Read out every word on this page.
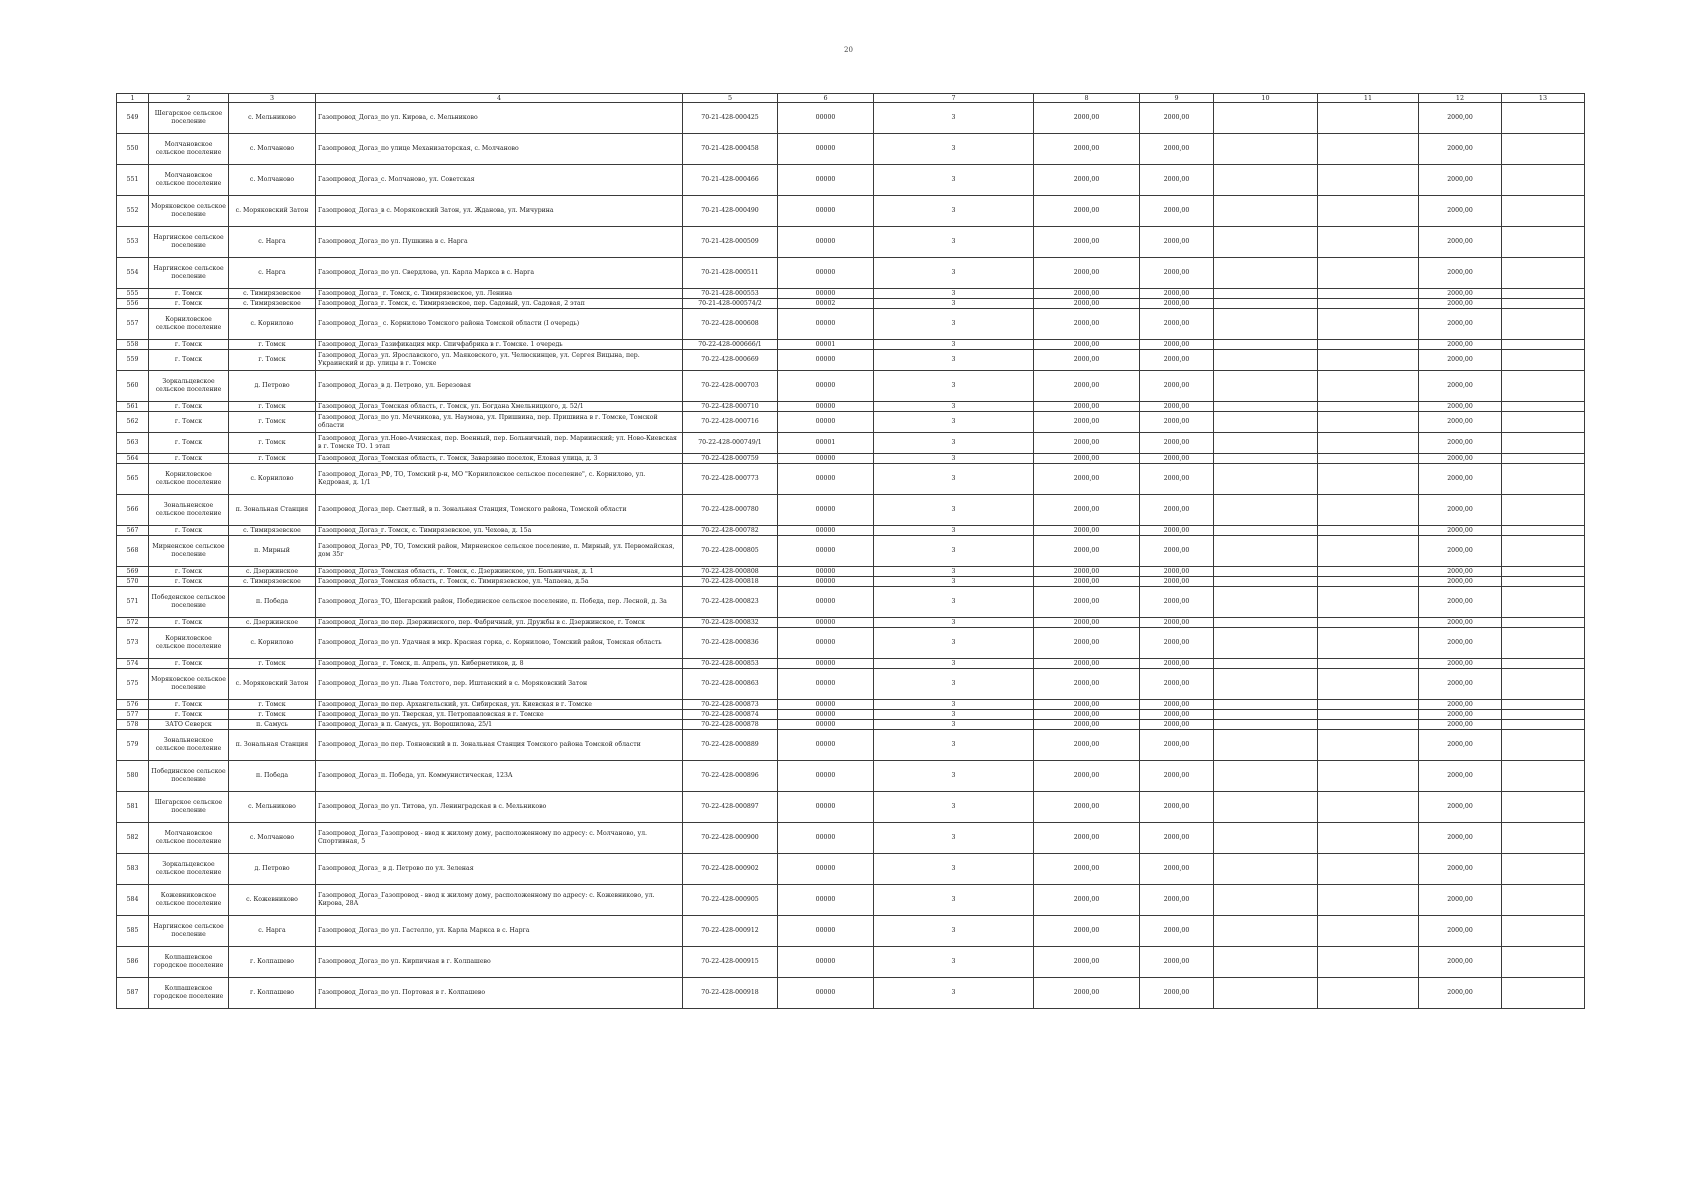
20
1	2	3	4	5	6	7	8	9	10	11	12	13
549	Шегарское сельское поселение	с. Мельниково	Газопровод_Догаз_по ул. Кирова, с. Мельниково	70-21-428-000425	00000	3	2000,00	2000,00			2000,00	
550	Молчановское сельское поселение	с. Молчаново	Газопровод_Догаз_по улице Механизаторская, с. Молчаново	70-21-428-000458	00000	3	2000,00	2000,00			2000,00	
551	Молчановское сельское поселение	с. Молчаново	Газопровод_Догаз_с. Молчаново, ул. Советская	70-21-428-000466	00000	3	2000,00	2000,00			2000,00	
552	Моряковское сельское поселение	с. Моряковский Затон	Газопровод_Догаз_в с. Моряковский Затон, ул. Жданова, ул. Мичурина	70-21-428-000490	00000	3	2000,00	2000,00			2000,00	
553	Наргинское сельское поселение	с. Нарга	Газопровод_Догаз_по ул. Пушкина в с. Нарга	70-21-428-000509	00000	3	2000,00	2000,00			2000,00	
554	Наргинское сельское поселение	с. Нарга	Газопровод_Догаз_по ул. Свердлова, ул. Карла Маркса в с. Нарга	70-21-428-000511	00000	3	2000,00	2000,00			2000,00	
555	г. Томск	с. Тимирязевское	Газопровод_Догаз_ г. Томск, с. Тимирязевское, ул. Ленина	70-21-428-000553	00000	3	2000,00	2000,00			2000,00	
556	г. Томск	с. Тимирязевское	Газопровод_Догаз_г. Томск, с. Тимирязевское, пер. Садовый, ул. Садовая, 2 этап	70-21-428-000574/2	00002	3	2000,00	2000,00			2000,00	
557	Корниловское сельское поселение	с. Корнилово	Газопровод_Догаз_ с. Корнилово Томского района Томской области (I очередь)	70-22-428-000608	00000	3	2000,00	2000,00			2000,00	
558	г. Томск	г. Томск	Газопровод_Догаз_Газификация мкр. Спичфабрика в г. Томске. 1 очередь	70-22-428-000666/1	00001	3	2000,00	2000,00			2000,00	
559	г. Томск	г. Томск	Газопровод_Догаз_ул. Ярославского, ул. Маяковского, ул. Челюскинцев, ул. Сергея Вицына, пер. Украинский и др. улицы в г. Томске	70-22-428-000669	00000	3	2000,00	2000,00			2000,00	
560	Зоркальцевское сельское поселение	д. Петрово	Газопровод_Догаз_в д. Петрово, ул. Березовая	70-22-428-000703	00000	3	2000,00	2000,00			2000,00	
561	г. Томск	г. Томск	Газопровод_Догаз_Томская область, г. Томск, ул. Богдана Хмельницкого, д. 52/1	70-22-428-000710	00000	3	2000,00	2000,00			2000,00	
562	г. Томск	г. Томск	Газопровод_Догаз_по ул. Мечникова, ул. Наумова, ул. Пришвина, пер. Пришвина в г. Томске, Томской области	70-22-428-000716	00000	3	2000,00	2000,00			2000,00	
563	г. Томск	г. Томск	Газопровод_Догаз_ул.Ново-Ачинская, пер. Военный, пер. Больничный, пер. Мариинский; ул. Ново-Киевская в г. Томске ТО. 1 этап	70-22-428-000749/1	00001	3	2000,00	2000,00			2000,00	
564	г. Томск	г. Томск	Газопровод_Догаз_Томская область, г. Томск, Заварзино поселок, Еловая улица, д. 3	70-22-428-000759	00000	3	2000,00	2000,00			2000,00	
565	Корниловское сельское поселение	с. Корнилово	Газопровод_Догаз_РФ, ТО, Томский р-н, МО "Корниловское сельское поселение", с. Корнилово, ул. Кедровая, д. 1/1	70-22-428-000773	00000	3	2000,00	2000,00			2000,00	
566	Зональненское сельское поселение	п. Зональная Станция	Газопровод_Догаз_пер. Светлый, в п. Зональная Станция, Томского района, Томской области	70-22-428-000780	00000	3	2000,00	2000,00			2000,00	
567	г. Томск	с. Тимирязевское	Газопровод_Догаз_г. Томск, с. Тимирязевское, ул. Чехова, д. 15а	70-22-428-000782	00000	3	2000,00	2000,00			2000,00	
568	Мирненское сельское поселение	п. Мирный	Газопровод_Догаз_РФ, ТО, Томский район, Мирненское сельское поселение, п. Мирный, ул. Первомайская, дом 35г	70-22-428-000805	00000	3	2000,00	2000,00			2000,00	
569	г. Томск	с. Дзержинское	Газопровод_Догаз_Томская область, г. Томск, с. Дзержинское, ул. Больничная, д. 1	70-22-428-000808	00000	3	2000,00	2000,00			2000,00	
570	г. Томск	с. Тимирязевское	Газопровод_Догаз_Томская область, г. Томск, с. Тимирязевское, ул. Чапаева, д.5а	70-22-428-000818	00000	3	2000,00	2000,00			2000,00	
571	Победенское сельское поселение	п. Победа	Газопровод_Догаз_ТО, Шегарский район, Побединское сельское поселение, п. Победа, пер. Лесной, д. 3а	70-22-428-000823	00000	3	2000,00	2000,00			2000,00	
572	г. Томск	с. Дзержинское	Газопровод_Догаз_по пер. Дзержинского, пер. Фабричный, ул. Дружбы в с. Дзержинское, г. Томск	70-22-428-000832	00000	3	2000,00	2000,00			2000,00	
573	Корниловское сельское поселение	с. Корнилово	Газопровод_Догаз_по ул. Удачная в мкр. Красная горка, с. Корнилово, Томский район, Томская область	70-22-428-000836	00000	3	2000,00	2000,00			2000,00	
574	г. Томск	г. Томск	Газопровод_Догаз_ г. Томск, п. Апрель, ул. Кибернетиков, д. 8	70-22-428-000853	00000	3	2000,00	2000,00			2000,00	
575	Моряковское сельское поселение	с. Моряковский Затон	Газопровод_Догаз_по ул. Льва Толстого, пер. Иштанский в с. Моряковский Затон	70-22-428-000863	00000	3	2000,00	2000,00			2000,00	
576	г. Томск	г. Томск	Газопровод_Догаз_по пер. Архангельский, ул. Сибирская, ул. Киевская в г. Томске	70-22-428-000873	00000	3	2000,00	2000,00			2000,00	
577	г. Томск	г. Томск	Газопровод_Догаз_по ул. Тверская, ул. Петропавловская в г. Томске	70-22-428-000874	00000	3	2000,00	2000,00			2000,00	
578	ЗАТО Северск	п. Самусь	Газопровод_Догаз_в п. Самусь, ул. Ворошилова, 25/1	70-22-428-000878	00000	3	2000,00	2000,00			2000,00	
579	Зональненское сельское поселение	п. Зональная Станция	Газопровод_Догаз_по пер. Тояновский в п. Зональная Станция Томского района Томской области	70-22-428-000889	00000	3	2000,00	2000,00			2000,00	
580	Побединское сельское поселение	п. Победа	Газопровод_Догаз_п. Победа, ул. Коммунистическая, 123А	70-22-428-000896	00000	3	2000,00	2000,00			2000,00	
581	Шегарское сельское поселение	с. Мельниково	Газопровод_Догаз_по ул. Титова, ул. Ленинградская в с. Мельниково	70-22-428-000897	00000	3	2000,00	2000,00			2000,00	
582	Молчановское сельское поселение	с. Молчаново	Газопровод_Догаз_Газопровод - ввод к жилому дому, расположенному по адресу: с. Молчаново, ул. Спортивная, 5	70-22-428-000900	00000	3	2000,00	2000,00			2000,00	
583	Зоркальцевское сельское поселение	д. Петрово	Газопровод_Догаз_ в д. Петрово по ул. Зеленая	70-22-428-000902	00000	3	2000,00	2000,00			2000,00	
584	Кожевниковское сельское поселение	с. Кожевниково	Газопровод_Догаз_Газопровод - ввод к жилому дому, расположенному по адресу: с. Кожевниково, ул. Кирова, 28А	70-22-428-000905	00000	3	2000,00	2000,00			2000,00	
585	Наргинское сельское поселение	с. Нарга	Газопровод_Догаз_по ул. Гастелло, ул. Карла Маркса в с. Нарга	70-22-428-000912	00000	3	2000,00	2000,00			2000,00	
586	Колпашевское городское поселение	г. Колпашево	Газопровод_Догаз_по ул. Кирпичная в г. Колпашево	70-22-428-000915	00000	3	2000,00	2000,00			2000,00	
587	Колпашевское городское поселение	г. Колпашево	Газопровод_Догаз_по ул. Портовая в г. Колпашево	70-22-428-000918	00000	3	2000,00	2000,00			2000,00	
